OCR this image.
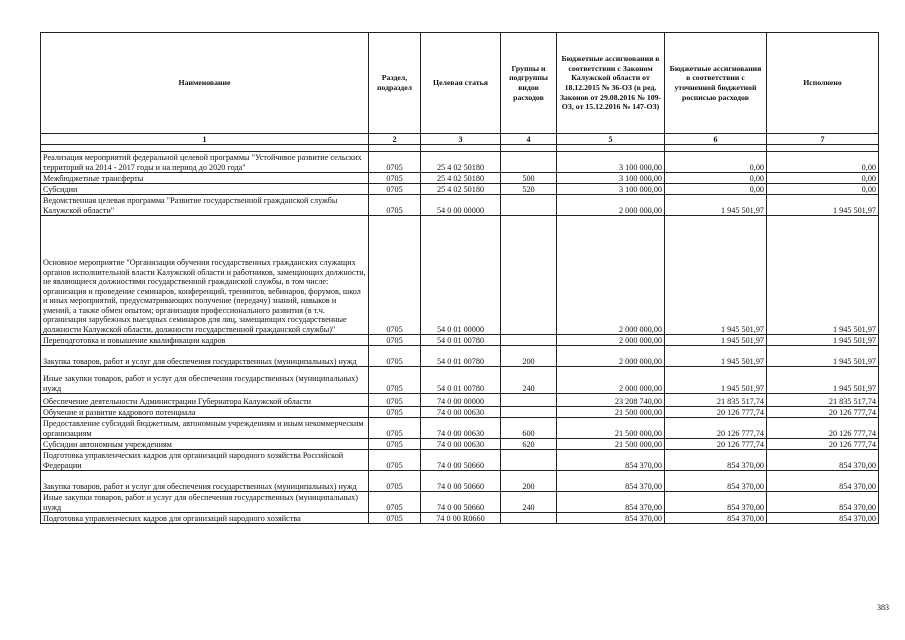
Наименование	Раздел, подраздел	Целевая статья	Группы и подгруппы видов расходов	Бюджетные ассигнования в соответствии с Законом Калужской области от 18.12.2015 № 36-ОЗ (в ред. Законов от 29.08.2016 № 109-ОЗ, от 15.12.2016 № 147-ОЗ)	Бюджетные ассигнования в соответствии с уточненной бюджетной росписью расходов	Исполнено
1	2	3	4	5	6	7

Реализация мероприятий федеральной целевой программы "Устойчивое развитие сельских территорий на 2014 - 2017 годы и на период до 2020 года"	0705	25 4 02 50180		3 100 000,00	0,00	0,00
Межбюджетные трансферты	0705	25 4 02 50180	500	3 100 000,00	0,00	0,00
Субсидии	0705	25 4 02 50180	520	3 100 000,00	0,00	0,00
Ведомственная целевая программа "Развитие государственной гражданской службы Калужской области"	0705	54 0 00 00000		2 000 000,00	1 945 501,97	1 945 501,97
Основное мероприятие "Организация обучения государственных гражданских служащих органов исполнительной власти Калужской области и работников, замещающих должности, не являющиеся должностями государственной гражданской службы, в том числе: организация и проведение семинаров, конференций, тренингов, вебинаров, форумов, школ и иных мероприятий, предусматривающих получение (передачу) знаний, навыков и умений, а также обмен опытом; организация профессионального развития (в т.ч. организация зарубежных выездных семинаров для лиц, замещающих государственные должности Калужской области, должности государственной гражданской службы)"	0705	54 0 01 00000		2 000 000,00	1 945 501,97	1 945 501,97
Переподготовка и повышение квалификации кадров	0705	54 0 01 00780		2 000 000,00	1 945 501,97	1 945 501,97
Закупка товаров, работ и услуг для обеспечения государственных (муниципальных) нужд	0705	54 0 01 00780	200	2 000 000,00	1 945 501,97	1 945 501,97
Иные закупки товаров, работ и услуг для обеспечения государственных (муниципальных) нужд	0705	54 0 01 00780	240	2 000 000,00	1 945 501,97	1 945 501,97
Обеспечение деятельности Администрации Губернатора Калужской области	0705	74 0 00 00000		23 208 740,00	21 835 517,74	21 835 517,74
Обучение и развитие кадрового потенциала	0705	74 0 00 00630		21 500 000,00	20 126 777,74	20 126 777,74
Предоставление субсидий бюджетным, автономным учреждениям и иным некоммерческим организациям	0705	74 0 00 00630	600	21 500 000,00	20 126 777,74	20 126 777,74
Субсидии автономным учреждениям	0705	74 0 00 00630	620	21 500 000,00	20 126 777,74	20 126 777,74
Подготовка управленческих кадров для организаций народного хозяйства Российской Федерации	0705	74 0 00 50660		854 370,00	854 370,00	854 370,00
Закупка товаров, работ и услуг для обеспечения государственных (муниципальных) нужд	0705	74 0 00 50660	200	854 370,00	854 370,00	854 370,00
Иные закупки товаров, работ и услуг для обеспечения государственных (муниципальных) нужд	0705	74 0 00 50660	240	854 370,00	854 370,00	854 370,00
Подготовка управленческих кадров для организаций народного хозяйства	0705	74 0 00 R0660		854 370,00	854 370,00	854 370,00
383
